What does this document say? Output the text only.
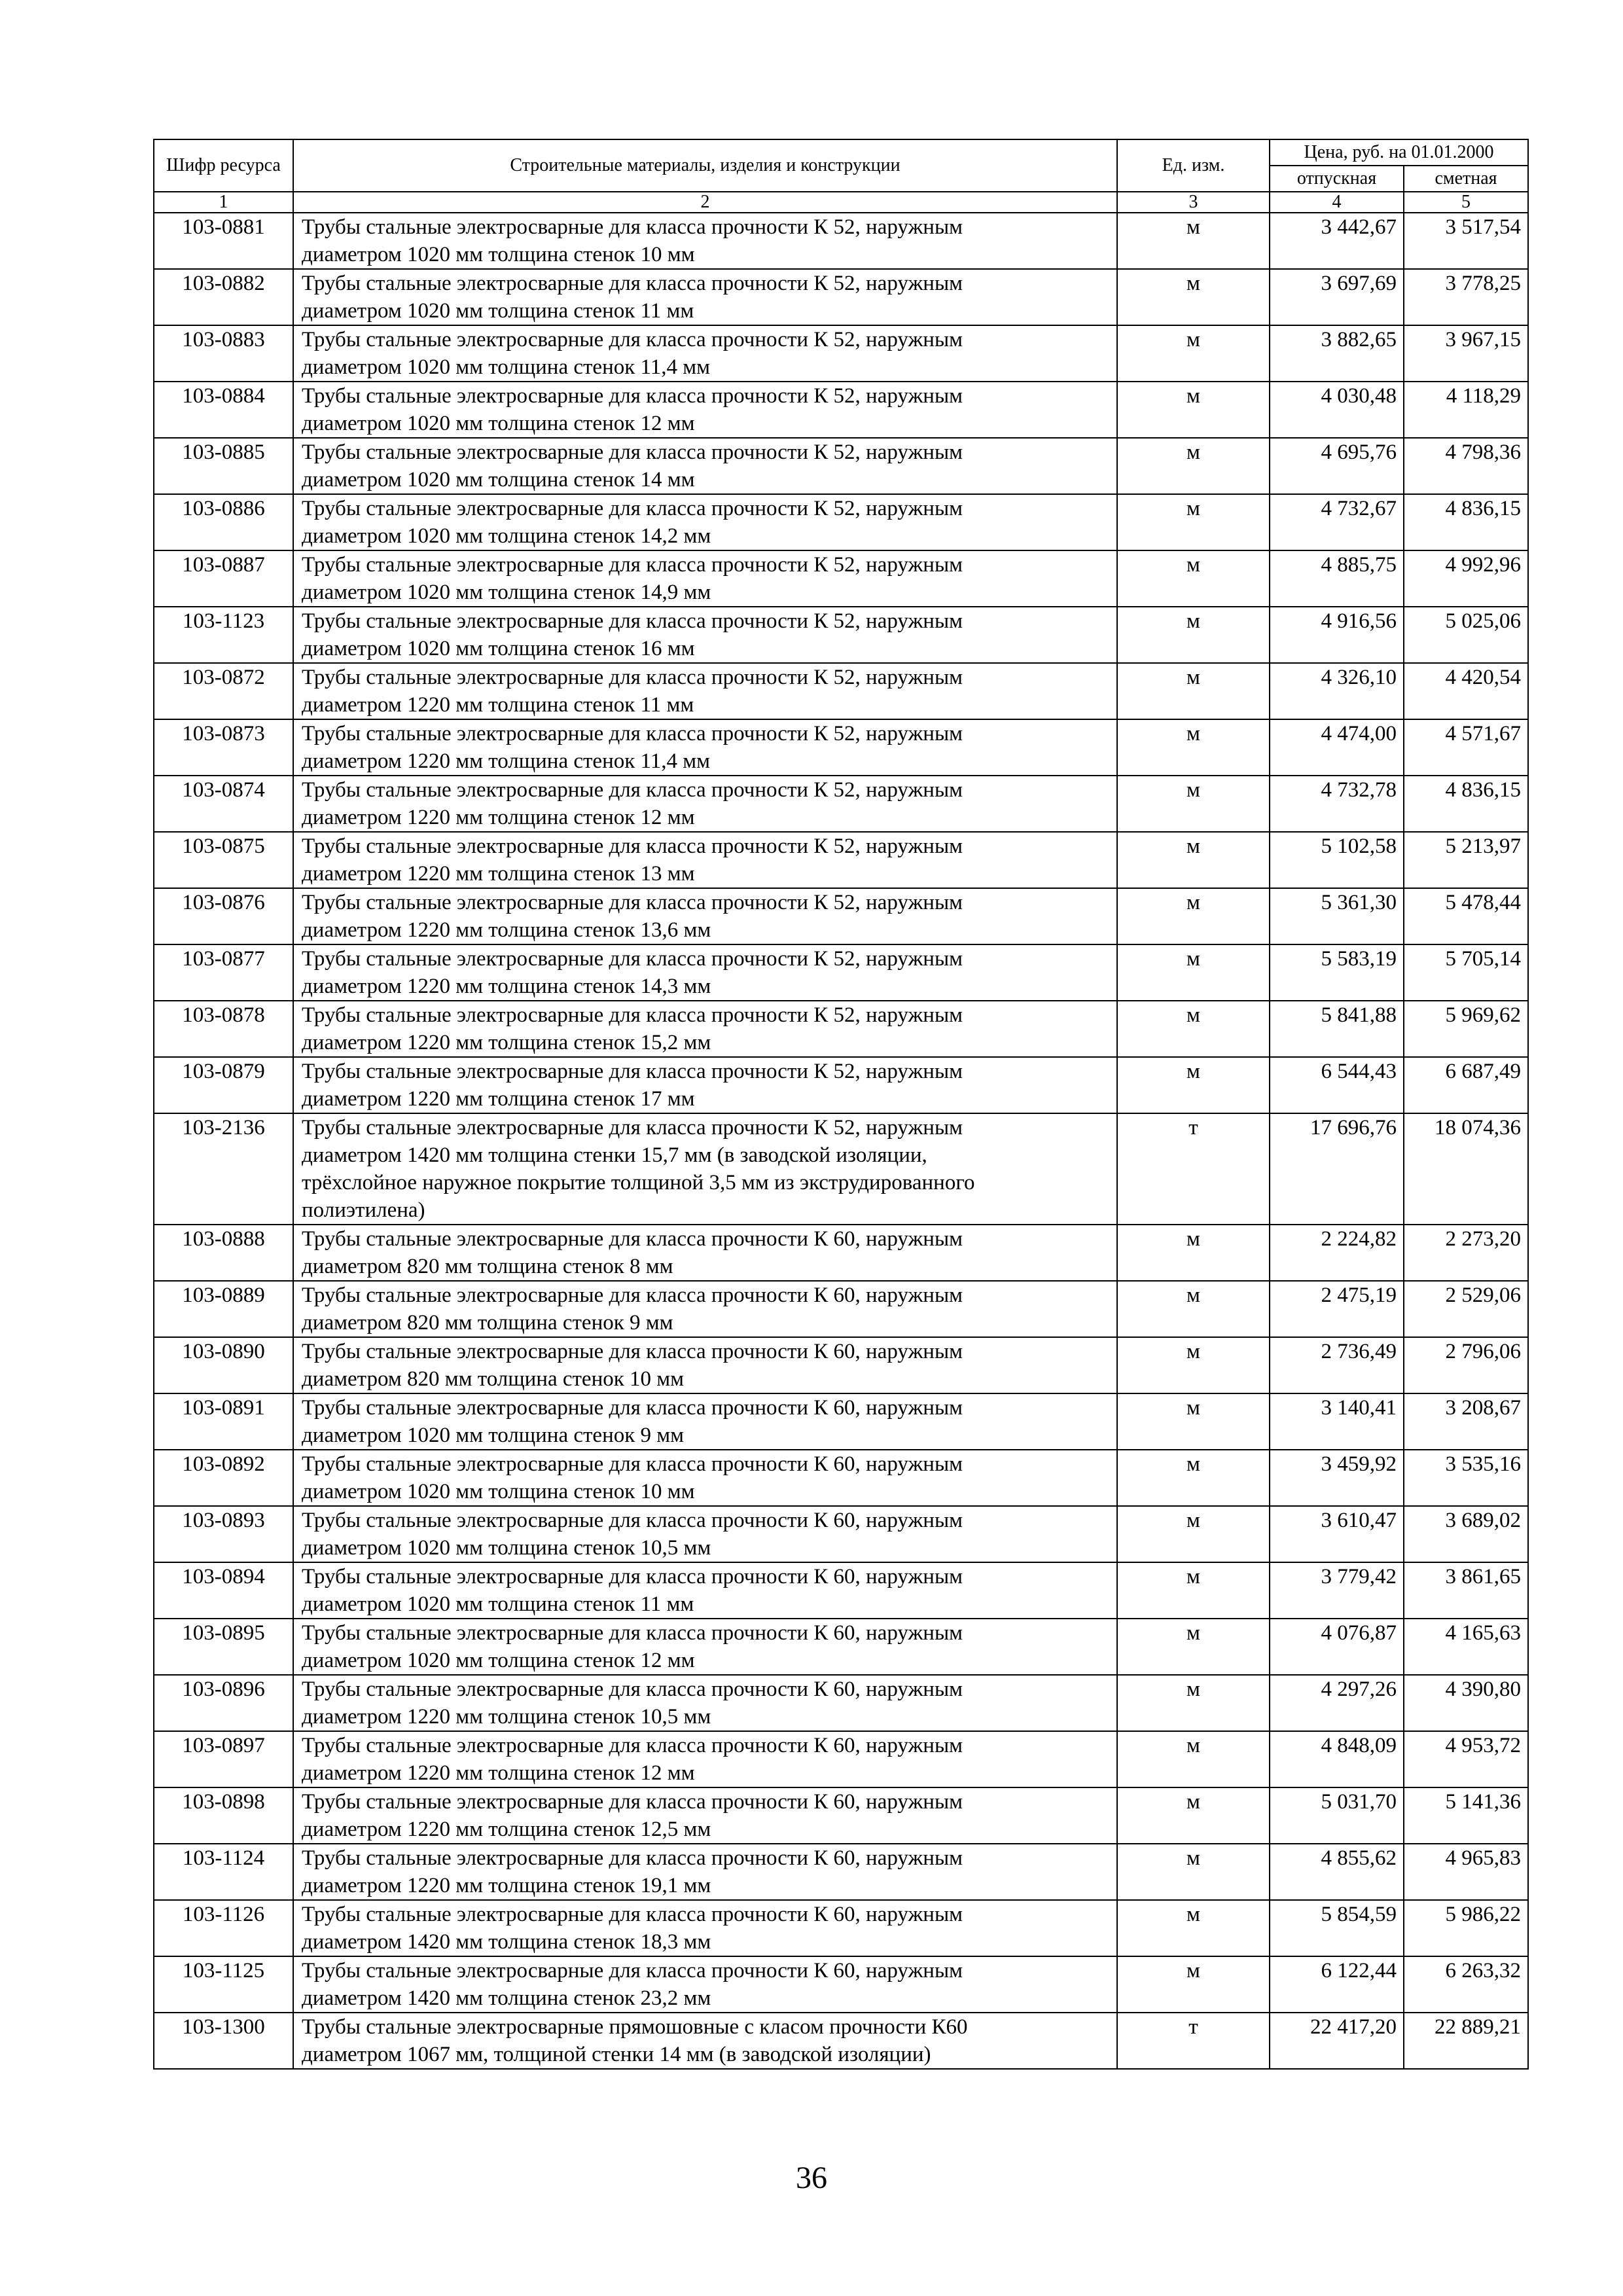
Шифр ресурса	Строительные материалы, изделия и конструкции	Ед. изм.	Цена, руб. на 01.01.2000	
			отпускная	сметная
1	2	3	4	5
103-0881	Трубы стальные электросварные для класса прочности К 52, наружным
диаметром 1020 мм толщина стенок 10 мм	м	3 442,67	3 517,54
103-0882	Трубы стальные электросварные для класса прочности К 52, наружным
диаметром 1020 мм толщина стенок 11 мм	м	3 697,69	3 778,25
103-0883	Трубы стальные электросварные для класса прочности К 52, наружным
диаметром 1020 мм толщина стенок 11,4 мм	м	3 882,65	3 967,15
103-0884	Трубы стальные электросварные для класса прочности К 52, наружным
диаметром 1020 мм толщина стенок 12 мм	м	4 030,48	4 118,29
103-0885	Трубы стальные электросварные для класса прочности К 52, наружным
диаметром 1020 мм толщина стенок 14 мм	м	4 695,76	4 798,36
103-0886	Трубы стальные электросварные для класса прочности К 52, наружным
диаметром 1020 мм толщина стенок 14,2 мм	м	4 732,67	4 836,15
103-0887	Трубы стальные электросварные для класса прочности К 52, наружным
диаметром 1020 мм толщина стенок 14,9 мм	м	4 885,75	4 992,96
103-1123	Трубы стальные электросварные для класса прочности К 52, наружным
диаметром 1020 мм толщина стенок 16 мм	м	4 916,56	5 025,06
103-0872	Трубы стальные электросварные для класса прочности К 52, наружным
диаметром 1220 мм толщина стенок 11 мм	м	4 326,10	4 420,54
103-0873	Трубы стальные электросварные для класса прочности К 52, наружным
диаметром 1220 мм толщина стенок 11,4 мм	м	4 474,00	4 571,67
103-0874	Трубы стальные электросварные для класса прочности К 52, наружным
диаметром 1220 мм толщина стенок 12 мм	м	4 732,78	4 836,15
103-0875	Трубы стальные электросварные для класса прочности К 52, наружным
диаметром 1220 мм толщина стенок 13 мм	м	5 102,58	5 213,97
103-0876	Трубы стальные электросварные для класса прочности К 52, наружным
диаметром 1220 мм толщина стенок 13,6 мм	м	5 361,30	5 478,44
103-0877	Трубы стальные электросварные для класса прочности К 52, наружным
диаметром 1220 мм толщина стенок 14,3 мм	м	5 583,19	5 705,14
103-0878	Трубы стальные электросварные для класса прочности К 52, наружным
диаметром 1220 мм толщина стенок 15,2 мм	м	5 841,88	5 969,62
103-0879	Трубы стальные электросварные для класса прочности К 52, наружным
диаметром 1220 мм толщина стенок 17 мм	м	6 544,43	6 687,49
103-2136	Трубы стальные электросварные для класса прочности К 52, наружным
диаметром 1420 мм толщина стенки 15,7 мм (в заводской изоляции,
трёхслойное наружное покрытие толщиной 3,5 мм из экструдированного
полиэтилена)	т	17 696,76	18 074,36
103-0888	Трубы стальные электросварные для класса прочности К 60, наружным
диаметром 820 мм толщина стенок 8 мм	м	2 224,82	2 273,20
103-0889	Трубы стальные электросварные для класса прочности К 60, наружным
диаметром 820 мм толщина стенок 9 мм	м	2 475,19	2 529,06
103-0890	Трубы стальные электросварные для класса прочности К 60, наружным
диаметром 820 мм толщина стенок 10 мм	м	2 736,49	2 796,06
103-0891	Трубы стальные электросварные для класса прочности К 60, наружным
диаметром 1020 мм толщина стенок 9 мм	м	3 140,41	3 208,67
103-0892	Трубы стальные электросварные для класса прочности К 60, наружным
диаметром 1020 мм толщина стенок 10 мм	м	3 459,92	3 535,16
103-0893	Трубы стальные электросварные для класса прочности К 60, наружным
диаметром 1020 мм толщина стенок 10,5 мм	м	3 610,47	3 689,02
103-0894	Трубы стальные электросварные для класса прочности К 60, наружным
диаметром 1020 мм толщина стенок 11 мм	м	3 779,42	3 861,65
103-0895	Трубы стальные электросварные для класса прочности К 60, наружным
диаметром 1020 мм толщина стенок 12 мм	м	4 076,87	4 165,63
103-0896	Трубы стальные электросварные для класса прочности К 60, наружным
диаметром 1220 мм толщина стенок 10,5 мм	м	4 297,26	4 390,80
103-0897	Трубы стальные электросварные для класса прочности К 60, наружным
диаметром 1220 мм толщина стенок 12 мм	м	4 848,09	4 953,72
103-0898	Трубы стальные электросварные для класса прочности К 60, наружным
диаметром 1220 мм толщина стенок 12,5 мм	м	5 031,70	5 141,36
103-1124	Трубы стальные электросварные для класса прочности К 60, наружным
диаметром 1220 мм толщина стенок 19,1 мм	м	4 855,62	4 965,83
103-1126	Трубы стальные электросварные для класса прочности К 60, наружным
диаметром 1420 мм толщина стенок 18,3 мм	м	5 854,59	5 986,22
103-1125	Трубы стальные электросварные для класса прочности К 60, наружным
диаметром 1420 мм толщина стенок 23,2 мм	м	6 122,44	6 263,32
103-1300	Трубы стальные электросварные прямошовные с класом прочности К60
диаметром 1067 мм, толщиной стенки 14 мм (в заводской изоляции)	т	22 417,20	22 889,21
36
